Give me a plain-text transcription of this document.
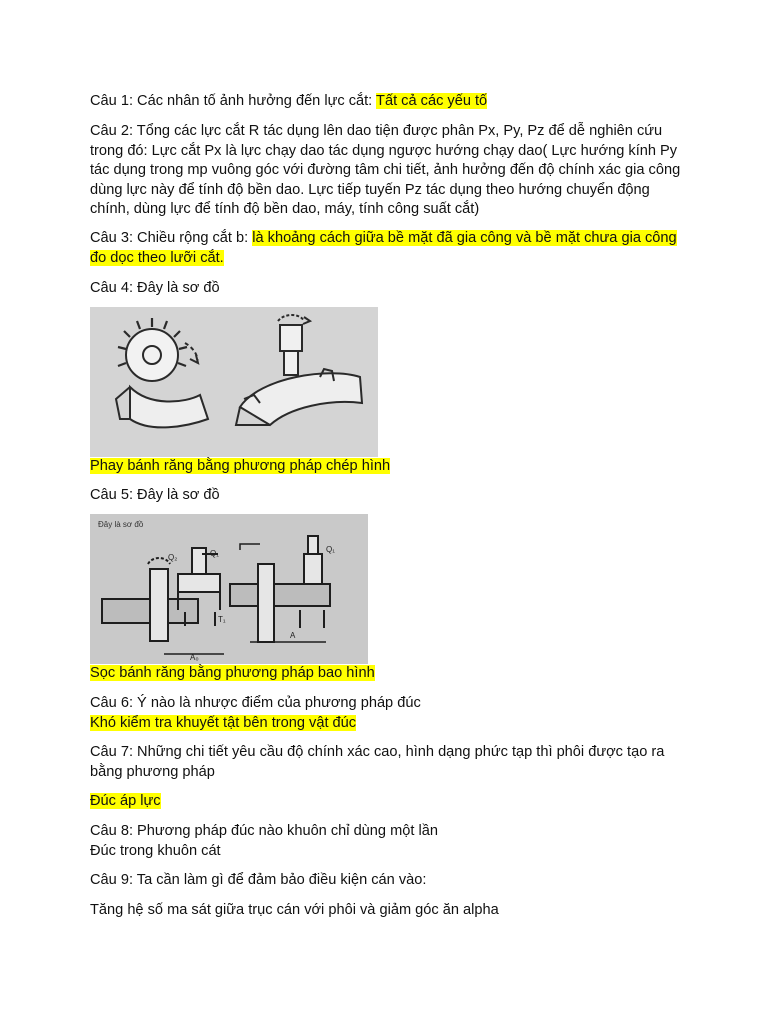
Câu 1: Các nhân tố ảnh hưởng đến lực cắt: Tất cả các yếu tố

Câu 2: Tổng các lực cắt R tác dụng lên dao tiện được phân Px, Py, Pz để dễ nghiên cứu trong đó: Lực cắt Px là lực chạy dao tác dụng ngược hướng chạy dao( Lực hướng kính Py tác dụng trong mp vuông góc với đường tâm chi tiết, ảnh hưởng đến độ chính xác gia công dùng lực này để tính độ bền dao. Lực tiếp tuyến Pz tác dụng theo hướng chuyển động chính, dùng lực để tính độ bền dao, máy, tính công suất cắt)

Câu 3: Chiều rộng cắt b: là khoảng cách giữa bề mặt đã gia công và bề mặt chưa gia công đo dọc theo lưỡi cắt.

Câu 4: Đây là sơ đồ

Phay bánh răng bằng phương pháp chép hình

Câu 5: Đây là sơ đồ

Đây là sơ đồ
Q₂	Q₁
T₁
Q₁
A
A₀

Sọc bánh răng bằng phương pháp bao hình

Câu 6: Ý nào là nhược điểm của phương pháp đúc
Khó kiểm tra khuyết tật bên trong vật đúc

Câu 7: Những chi tiết yêu cầu độ chính xác cao, hình dạng phức tạp thì phôi được tạo ra bằng phương pháp

Đúc áp lực

Câu 8: Phương pháp đúc nào khuôn chỉ dùng một lần
Đúc trong khuôn cát

Câu 9: Ta cần làm gì để đảm bảo điều kiện cán vào:

Tăng hệ số ma sát giữa trục cán với phôi và giảm góc ăn alpha
